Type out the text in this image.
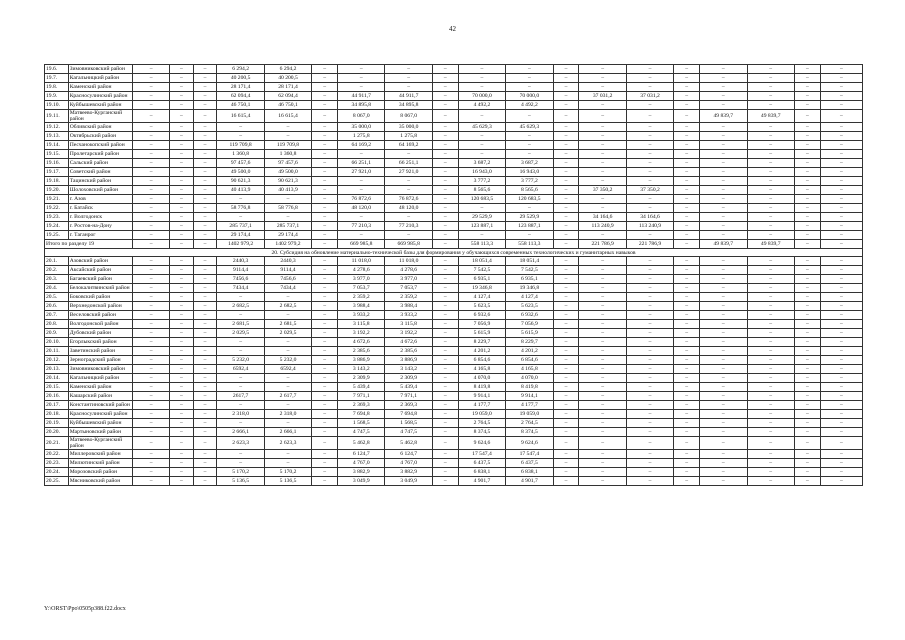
42
19.6.	Зимовниковский район	–	–	–	6 294,2	6 294,2	–	–	–	–	–	–	–	–	–	–	–	–	–	–
19.7.	Кагальницкий район	–	–	–	40 200,5	40 200,5	–	–	–	–	–	–	–	–	–	–	–	–	–	–
19.8.	Каменский район	–	–	–	28 171,4	28 171,4	–	–	–	–	–	–	–	–	–	–	–	–	–	–
19.9.	Красносулинский район	–	–	–	62 094,4	62 094,4	–	44 911,7	44 911,7	–	70 000,0	70 000,0	–	37 031,2	37 031,2	–	–	–	–	–
19.10.	Куйбышевский район	–	–	–	46 750,1	46 750,1	–	34 895,8	34 895,8	–	4 492,2	4 492,2	–	–	–	–	–	–	–	–
19.11.	Матвеево-Курганский район	–	–	–	16 615,4	16 615,4	–	8 067,0	8 067,0	–	–	–	–	–	–	–	49 839,7	49 839,7	–	–
19.12.	Обливский район	–	–	–	–	–	–	35 000,0	35 000,0	–	45 629,3	45 629,3	–	–	–	–	–	–	–	–
19.13.	Октябрьский район	–	–	–	–	–	–	1 275,8	1 275,8	–	–	–	–	–	–	–	–	–	–	–
19.14.	Песчанокопский район	–	–	–	119 709,8	119 709,8	–	64 169,2	64 169,2	–	–	–	–	–	–	–	–	–	–	–
19.15.	Пролетарский район	–	–	–	1 360,8	1 360,8	–	–	–	–	–	–	–	–	–	–	–	–	–	–
19.16.	Сальский район	–	–	–	97 457,6	97 457,6	–	66 251,1	66 251,1	–	3 687,2	3 687,2	–	–	–	–	–	–	–	–
19.17.	Советский район	–	–	–	49 500,0	49 500,0	–	27 921,0	27 921,0	–	16 943,0	16 943,0	–	–	–	–	–	–	–	–
19.18.	Тацинский район	–	–	–	90 621,3	90 621,3	–	–	–	–	3 777,2	3 777,2	–	–	–	–	–	–	–	–
19.20.	Шолоховский район	–	–	–	40 413,9	40 413,9	–	–	–	–	8 565,6	8 565,6	–	37 350,2	37 350,2	–	–	–	–	–
19.21.	г. Азов	–	–	–	–	–	–	76 872,6	76 872,6	–	120 683,5	120 683,5	–	–	–	–	–	–	–	–
19.22.	г. Батайск	–	–	–	58 776,8	58 776,8	–	48 120,0	48 120,0	–	–	–	–	–	–	–	–	–	–	–
19.23.	г. Волгодонск	–	–	–	–	–	–	–	–	–	29 529,9	29 529,9	–	34 164,6	34 164,6	–	–	–	–	–
19.24.	г. Ростов-на-Дону	–	–	–	285 737,1	285 737,1	–	77 210,3	77 210,3	–	123 887,1	123 887,1	–	113 240,9	113 240,9	–	–	–	–	–
19.25.	г. Таганрог	–	–	–	29 174,4	29 174,4	–	–	–	–	–	–	–	–	–	–	–	–	–	–
Итого по разделу 19		–	–	–	1402 979,2	1402 979,2	–	669 985,8	669 985,8	–	558 113,3	558 113,3	–	221 786,9	221 786,9	–	49 839,7	49 839,7	–	–
20. Субсидия на обновление материально-технической базы для формирования у обучающихся современных технологических и гуманитарных навыков																				
20.1.	Азовский район	–	–	–	2440,3	2440,3	–	11 018,0	11 018,0	–	18 051,4	18 051,4	–	–	–	–	–	–	–	–
20.2.	Аксайский район	–	–	–	9114,4	9114,4	–	4 278,6	4 278,6	–	7 542,5	7 542,5	–	–	–	–	–	–	–	–
20.3.	Багаевский район	–	–	–	7456,6	7456,6	–	3 977,0	3 977,0	–	6 935,1	6 935,1	–	–	–	–	–	–	–	–
20.4.	Белокалитвинский район	–	–	–	7434,4	7434,4	–	7 053,7	7 053,7	–	19 346,8	19 346,8	–	–	–	–	–	–	–	–
20.5.	Боковский район	–	–	–	–	–	–	2 359,2	2 359,2	–	4 127,4	4 127,4	–	–	–	–	–	–	–	–
20.6.	Верхнедонской район	–	–	–	2 682,5	2 682,5	–	3 988,4	3 988,4	–	5 623,5	5 623,5	–	–	–	–	–	–	–	–
20.7.	Веселовский район	–	–	–	–	–	–	3 933,2	3 933,2	–	6 932,6	6 932,6	–	–	–	–	–	–	–	–
20.8.	Волгодонской район	–	–	–	2 681,5	2 681,5	–	3 115,8	3 115,8	–	7 056,9	7 056,9	–	–	–	–	–	–	–	–
20.9.	Дубовский район	–	–	–	2 029,5	2 029,5	–	3 192,2	3 192,2	–	5 615,9	5 615,9	–	–	–	–	–	–	–	–
20.10.	Егорлыкский район	–	–	–	–	–	–	4 672,6	4 672,6	–	8 229,7	8 229,7	–	–	–	–	–	–	–	–
20.11.	Заветинский район	–	–	–	–	–	–	2 385,6	2 385,6	–	4 201,2	4 201,2	–	–	–	–	–	–	–	–
20.12.	Зерноградский район	–	–	–	5 232,0	5 232,0	–	3 886,9	3 886,9	–	6 854,6	6 854,6	–	–	–	–	–	–	–	–
20.13.	Зимовниковский район	–	–	–	6592,4	6592,4	–	3 143,2	3 143,2	–	4 165,8	4 165,8	–	–	–	–	–	–	–	–
20.14.	Кагальницкий район	–	–	–	–	–	–	2 309,9	2 309,9	–	4 070,0	4 070,0	–	–	–	–	–	–	–	–
20.15.	Каменский район	–	–	–	–	–	–	5 439,4	5 439,4	–	8 419,8	8 419,8	–	–	–	–	–	–	–	–
20.16.	Кашарский район	–	–	–	2617,7	2 617,7	–	7 971,1	7 971,1	–	9 914,1	9 914,1	–	–	–	–	–	–	–	–
20.17.	Константиновский район	–	–	–	–	–	–	2 369,3	2 369,3	–	4 177,7	4 177,7	–	–	–	–	–	–	–	–
20.18.	Красносулинский район	–	–	–	2 318,0	2 318,0	–	7 694,8	7 694,8	–	19 059,0	19 059,0	–	–	–	–	–	–	–	–
20.19.	Куйбышевский район	–	–	–	–	–	–	1 568,5	1 568,5	–	2 764,5	2 764,5	–	–	–	–	–	–	–	–
20.20.	Мартыновский район	–	–	–	2 666,1	2 666,1	–	4 747,5	4 747,5	–	8 374,5	8 374,5	–	–	–	–	–	–	–	–
20.21.	Матвеево-Курганский район	–	–	–	2 623,3	2 623,3	–	5 462,8	5 462,8	–	9 624,6	9 624,6	–	–	–	–	–	–	–	–
20.22.	Миллеровский район	–	–	–	–	–	–	6 124,7	6 124,7	–	17 547,4	17 547,4	–	–	–	–	–	–	–	–
20.23.	Милютинский район	–	–	–	–	–	–	4 767,0	4 767,0	–	6 437,5	6 437,5	–	–	–	–	–	–	–	–
20.24.	Морозовский район	–	–	–	5 170,2	5 170,2	–	3 882,9	3 882,9	–	6 838,1	6 838,1	–	–	–	–	–	–	–	–
20.25.	Мясниковский район	–	–	–	5 136,5	5 136,5	–	3 049,9	3 049,9	–	4 901,7	4 901,7	–	–	–	–	–	–	–	–
Y:\ORST\Ppo\0505p388.f22.docx
